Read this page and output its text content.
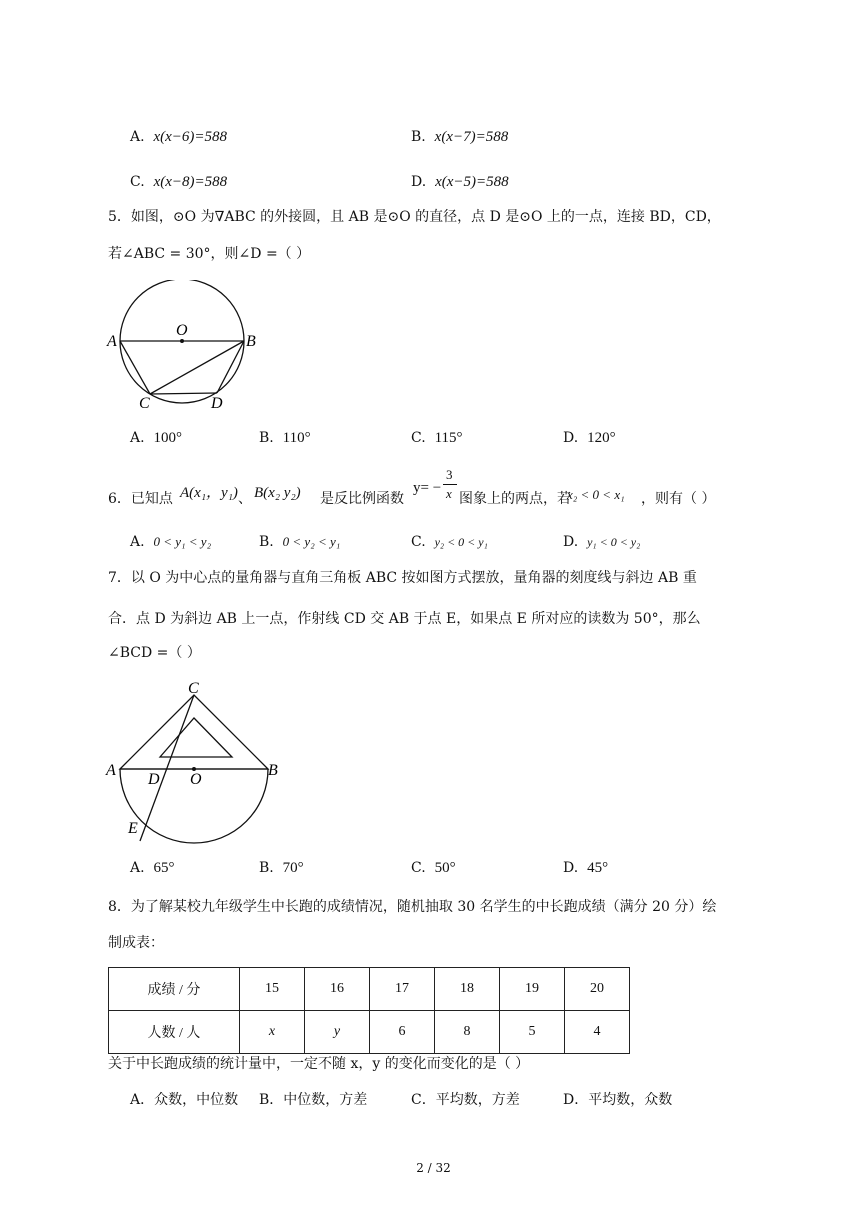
A. x(x−6)=588	B. x(x−7)=588
C. x(x−8)=588	D. x(x−5)=588
5．如图，⊙O 为∇ABC 的外接圆，且 AB 是⊙O 的直径，点 D 是⊙O 上的一点，连接 BD，CD，
若∠ABC = 30°，则∠D =（ ）
O
A	B
C	D
A. 100°	B. 110°	C. 115°	D. 120°
6．已知点 A(x₁，y₁) 、 B(x₂ y₂) 是反比例函数
y= −
3
x 图象上的两点，若
x₂ < 0 < x₁ ，则有（ ）
A. 0 < y₁ < y₂	B. 0 < y₂ < y₁	C. y₂ < 0 < y₁	D. y₁ < 0 < y₂
7．以 O 为中心点的量角器与直角三角板 ABC 按如图方式摆放，量角器的刻度线与斜边 AB 重
合．点 D 为斜边 AB 上一点，作射线 CD 交 AB 于点 E，如果点 E 所对应的读数为 50°，那么
∠BCD =（ ）
C
A	B
D O
E
A. 65°	B. 70°	C. 50°	D. 45°
8．为了解某校九年级学生中长跑的成绩情况，随机抽取 30 名学生的中长跑成绩（满分 20 分）绘
制成表：
成绩 / 分	15	16	17	18	19	20
人数 / 人	x	y	6	8	5	4
关于中长跑成绩的统计量中，一定不随 x，y 的变化而变化的是（ ）
A．众数，中位数 B．中位数，方差	C．平均数，方差	D．平均数，众数
2 / 32
